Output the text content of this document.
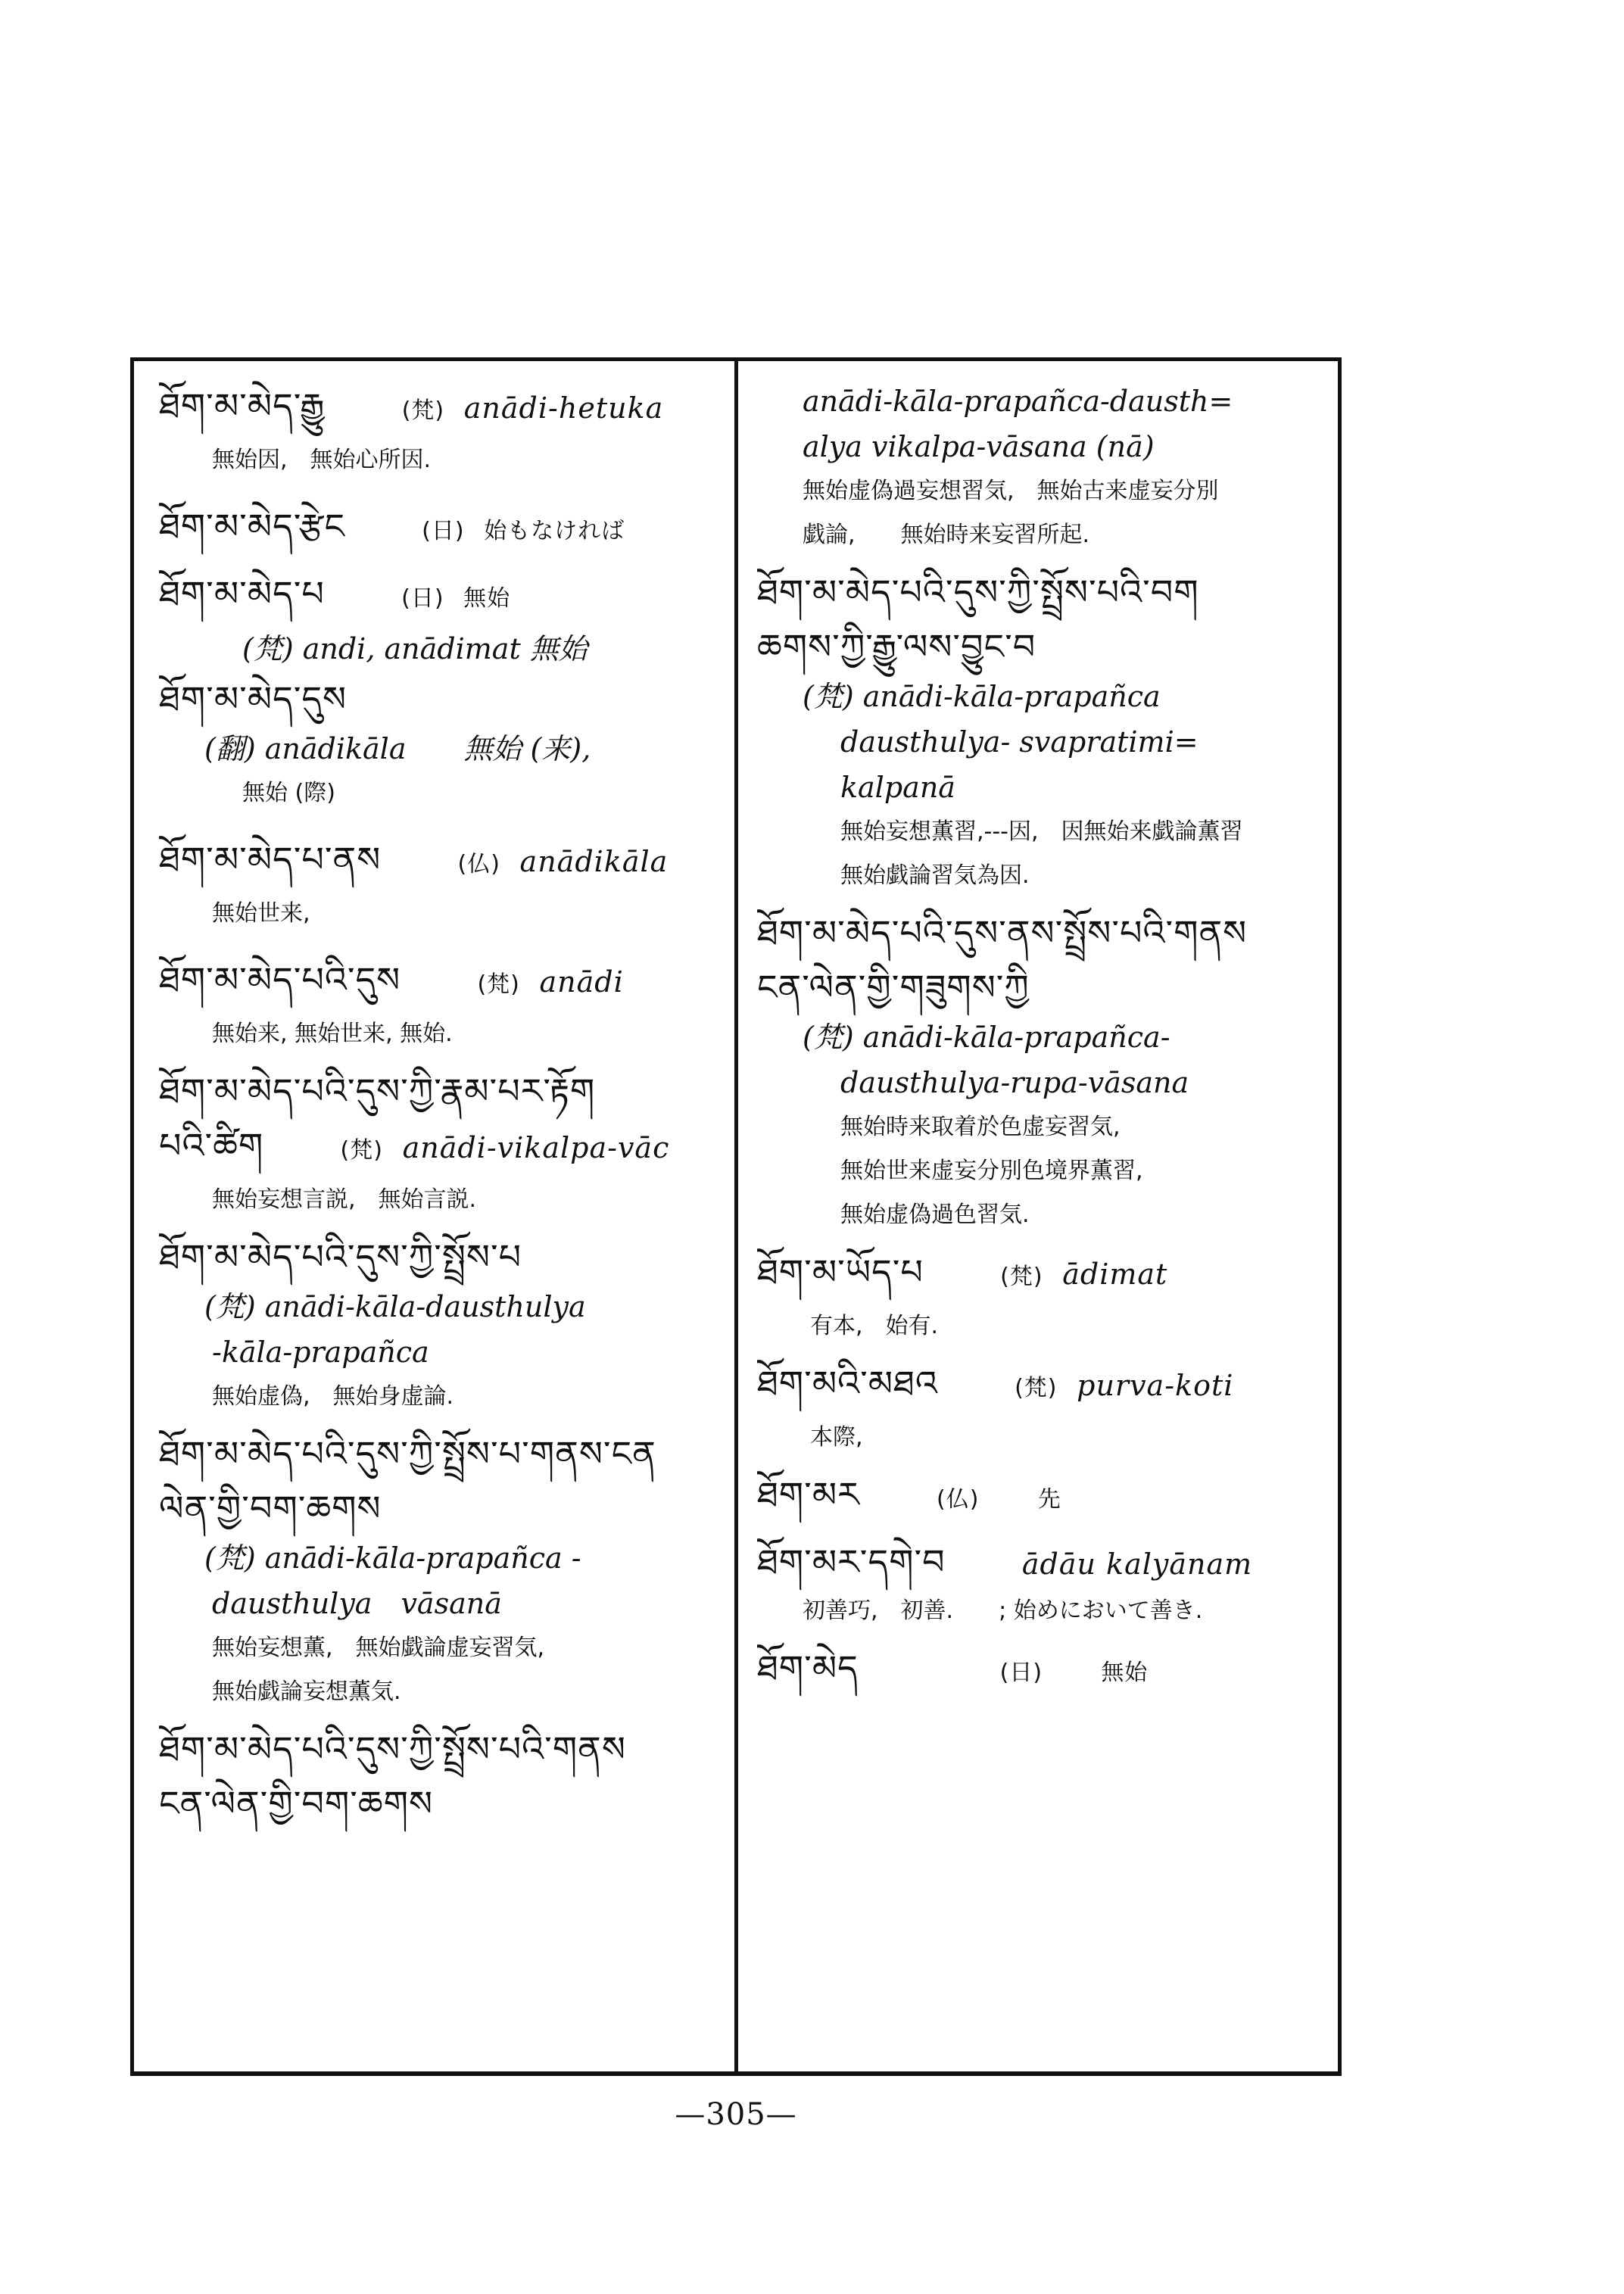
ཐོག་མ་མེད་རྒྱུ	(梵) anādi-hetuka
無始因,　無始心所因.
ཐོག་མ་མེད་རྩེང	(日) 始もなければ
ཐོག་མ་མེད་པ	(日) 無始
(梵) andi, anādimat 無始
ཐོག་མ་མེད་དུས
(翻) anādikāla　　無始 (来),
無始 (際)
ཐོག་མ་མེད་པ་ནས	(仏) anādikāla
無始世来,
ཐོག་མ་མེད་པའི་དུས	(梵) anādi
無始来, 無始世来, 無始.
ཐོག་མ་མེད་པའི་དུས་ཀྱི་རྣམ་པར་རྟོག
པའི་ཚིག	(梵) anādi-vikalpa-vāc
無始妄想言説,　無始言説.
ཐོག་མ་མེད་པའི་དུས་ཀྱི་སྤྲོས་པ
(梵) anādi-kāla-dausthulya
-kāla-prapañca
無始虚偽,　無始身虚論.
ཐོག་མ་མེད་པའི་དུས་ཀྱི་སྤྲོས་པ་གནས་ངན
ལེན་གྱི་བག་ཆགས
(梵) anādi-kāla-prapañca -
dausthulya　vāsanā
無始妄想薫,　無始戯論虚妄習気,
無始戯論妄想薫気.
ཐོག་མ་མེད་པའི་དུས་ཀྱི་སྤྲོས་པའི་གནས
ངན་ལེན་གྱི་བག་ཆགས
anādi-kāla-prapañca-dausth=
alya vikalpa-vāsana (nā)
無始虚偽過妄想習気,　無始古来虚妄分別
戯論,　　無始時来妄習所起.
ཐོག་མ་མེད་པའི་དུས་ཀྱི་སྤྲོས་པའི་བག
ཆགས་ཀྱི་རྒྱུ་ལས་བྱུང་བ
(梵) anādi-kāla-prapañca
dausthulya- svapratimi=
kalpanā
無始妄想薫習,---因,　因無始来戯論薫習
無始戯論習気為因.
ཐོག་མ་མེད་པའི་དུས་ནས་སྤྲོས་པའི་གནས
ངན་ལེན་གྱི་གཟུགས་ཀྱི
(梵) anādi-kāla-prapañca-
dausthulya-rupa-vāsana
無始時来取着於色虚妄習気,
無始世来虚妄分別色境界薫習,
無始虚偽過色習気.
ཐོག་མ་ཡོད་པ	(梵) ādimat
有本,　始有.
ཐོག་མའི་མཐའ	(梵) purva-koti
本際,
ཐོག་མར	(仏)	先
ཐོག་མར་དགེ་བ	ādāu kalyānam
初善巧,　初善.　　; 始めにおいて善き.
ཐོག་མེད	(日)	無始
—305—
